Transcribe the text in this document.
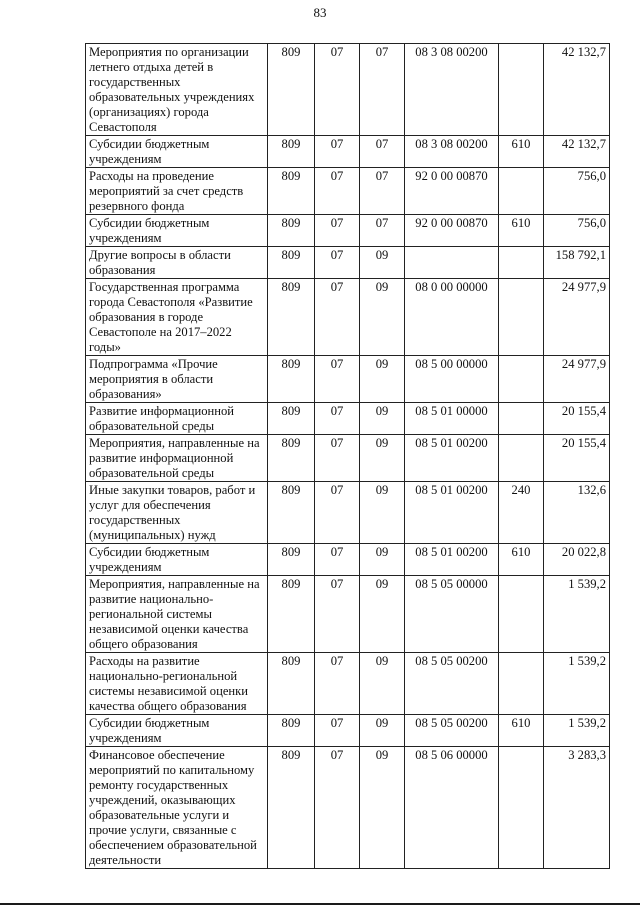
83
Мероприятия по организации летнего отдыха детей в государственных образовательных учреждениях (организациях) города Севастополя	809	07	07	08 3 08 00200		42 132,7
Субсидии бюджетным учреждениям	809	07	07	08 3 08 00200	610	42 132,7
Расходы на проведение мероприятий за счет средств резервного фонда	809	07	07	92 0 00 00870		756,0
Субсидии бюджетным учреждениям	809	07	07	92 0 00 00870	610	756,0
Другие вопросы в области образования	809	07	09			158 792,1
Государственная программа города Севастополя «Развитие образования в городе Севастополе на 2017–2022 годы»	809	07	09	08 0 00 00000		24 977,9
Подпрограмма «Прочие мероприятия в области образования»	809	07	09	08 5 00 00000		24 977,9
Развитие информационной образовательной среды	809	07	09	08 5 01 00000		20 155,4
Мероприятия, направленные на развитие информационной образовательной среды	809	07	09	08 5 01 00200		20 155,4
Иные закупки товаров, работ и услуг для обеспечения государственных (муниципальных) нужд	809	07	09	08 5 01 00200	240	132,6
Субсидии бюджетным учреждениям	809	07	09	08 5 01 00200	610	20 022,8
Мероприятия, направленные на развитие национально-региональной системы независимой оценки качества общего образования	809	07	09	08 5 05 00000		1 539,2
Расходы на развитие национально-региональной системы независимой оценки качества общего образования	809	07	09	08 5 05 00200		1 539,2
Субсидии бюджетным учреждениям	809	07	09	08 5 05 00200	610	1 539,2
Финансовое обеспечение мероприятий по капитальному ремонту государственных учреждений, оказывающих образовательные услуги и прочие услуги, связанные с обеспечением образовательной деятельности	809	07	09	08 5 06 00000		3 283,3
